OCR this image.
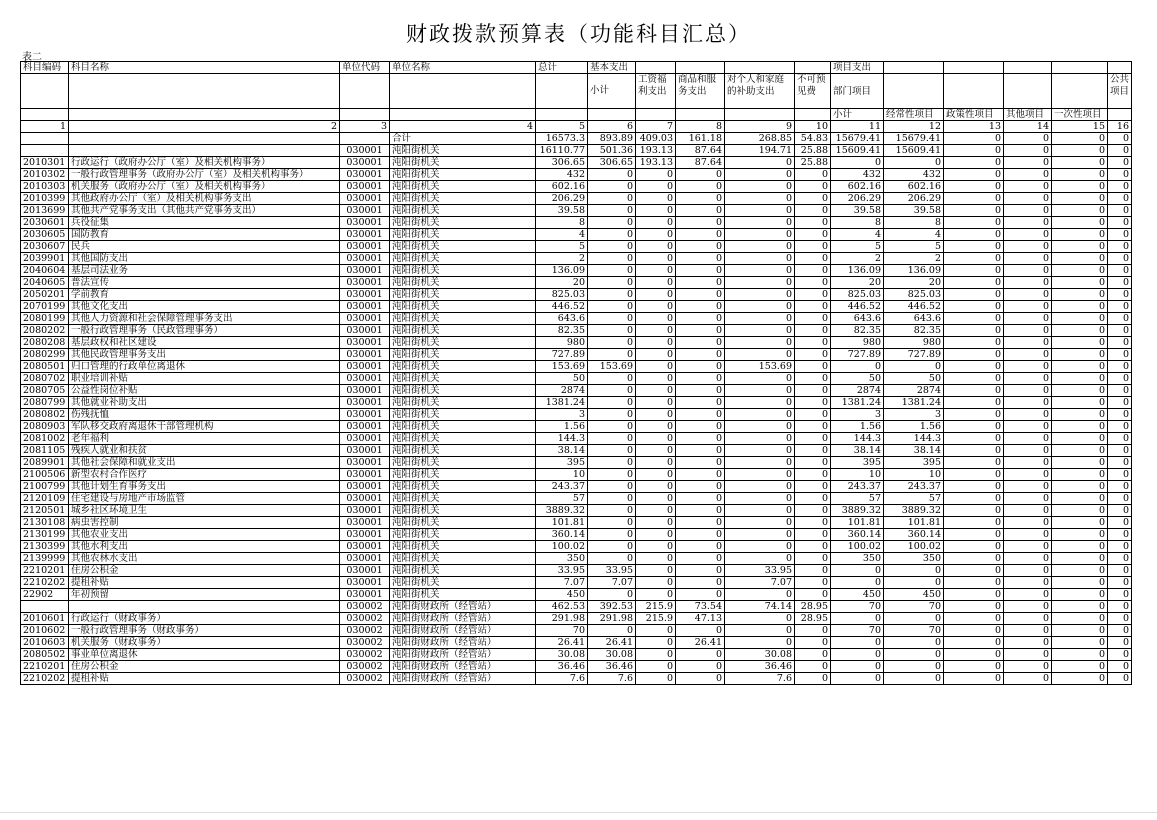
财政拨款预算表（功能科目汇总）
表二
科目编码	科目名称	单位代码	单位名称	总计	基本支出					项目支出					
					小计	工资福利支出	商品和服务支出	对个人和家庭的补助支出	不可预见费	部门项目					公共项目
										小计	经常性项目	政策性项目	其他项目	一次性项目	
1	2	3	4	5	6	7	8	9	10	11	12	13	14	15	16
			合计	16573.3	893.89	409.03	161.18	268.85	54.83	15679.41	15679.41	0	0	0	0
		030001	沌阳街机关	16110.77	501.36	193.13	87.64	194.71	25.88	15609.41	15609.41	0	0	0	0
2010301	行政运行（政府办公厅（室）及相关机构事务）	030001	沌阳街机关	306.65	306.65	193.13	87.64	0	25.88	0	0	0	0	0	0
2010302	一般行政管理事务（政府办公厅（室）及相关机构事务）	030001	沌阳街机关	432	0	0	0	0	0	432	432	0	0	0	0
2010303	机关服务（政府办公厅（室）及相关机构事务）	030001	沌阳街机关	602.16	0	0	0	0	0	602.16	602.16	0	0	0	0
2010399	其他政府办公厅（室）及相关机构事务支出	030001	沌阳街机关	206.29	0	0	0	0	0	206.29	206.29	0	0	0	0
2013699	其他共产党事务支出（其他共产党事务支出）	030001	沌阳街机关	39.58	0	0	0	0	0	39.58	39.58	0	0	0	0
2030601	兵役征集	030001	沌阳街机关	8	0	0	0	0	0	8	8	0	0	0	0
2030605	国防教育	030001	沌阳街机关	4	0	0	0	0	0	4	4	0	0	0	0
2030607	民兵	030001	沌阳街机关	5	0	0	0	0	0	5	5	0	0	0	0
2039901	其他国防支出	030001	沌阳街机关	2	0	0	0	0	0	2	2	0	0	0	0
2040604	基层司法业务	030001	沌阳街机关	136.09	0	0	0	0	0	136.09	136.09	0	0	0	0
2040605	普法宣传	030001	沌阳街机关	20	0	0	0	0	0	20	20	0	0	0	0
2050201	学前教育	030001	沌阳街机关	825.03	0	0	0	0	0	825.03	825.03	0	0	0	0
2070199	其他文化支出	030001	沌阳街机关	446.52	0	0	0	0	0	446.52	446.52	0	0	0	0
2080199	其他人力资源和社会保障管理事务支出	030001	沌阳街机关	643.6	0	0	0	0	0	643.6	643.6	0	0	0	0
2080202	一般行政管理事务（民政管理事务）	030001	沌阳街机关	82.35	0	0	0	0	0	82.35	82.35	0	0	0	0
2080208	基层政权和社区建设	030001	沌阳街机关	980	0	0	0	0	0	980	980	0	0	0	0
2080299	其他民政管理事务支出	030001	沌阳街机关	727.89	0	0	0	0	0	727.89	727.89	0	0	0	0
2080501	归口管理的行政单位离退休	030001	沌阳街机关	153.69	153.69	0	0	153.69	0	0	0	0	0	0	0
2080702	职业培训补贴	030001	沌阳街机关	50	0	0	0	0	0	50	50	0	0	0	0
2080705	公益性岗位补贴	030001	沌阳街机关	2874	0	0	0	0	0	2874	2874	0	0	0	0
2080799	其他就业补助支出	030001	沌阳街机关	1381.24	0	0	0	0	0	1381.24	1381.24	0	0	0	0
2080802	伤残抚恤	030001	沌阳街机关	3	0	0	0	0	0	3	3	0	0	0	0
2080903	军队移交政府离退休干部管理机构	030001	沌阳街机关	1.56	0	0	0	0	0	1.56	1.56	0	0	0	0
2081002	老年福利	030001	沌阳街机关	144.3	0	0	0	0	0	144.3	144.3	0	0	0	0
2081105	残疾人就业和扶贫	030001	沌阳街机关	38.14	0	0	0	0	0	38.14	38.14	0	0	0	0
2089901	其他社会保障和就业支出	030001	沌阳街机关	395	0	0	0	0	0	395	395	0	0	0	0
2100506	新型农村合作医疗	030001	沌阳街机关	10	0	0	0	0	0	10	10	0	0	0	0
2100799	其他计划生育事务支出	030001	沌阳街机关	243.37	0	0	0	0	0	243.37	243.37	0	0	0	0
2120109	住宅建设与房地产市场监管	030001	沌阳街机关	57	0	0	0	0	0	57	57	0	0	0	0
2120501	城乡社区环境卫生	030001	沌阳街机关	3889.32	0	0	0	0	0	3889.32	3889.32	0	0	0	0
2130108	病虫害控制	030001	沌阳街机关	101.81	0	0	0	0	0	101.81	101.81	0	0	0	0
2130199	其他农业支出	030001	沌阳街机关	360.14	0	0	0	0	0	360.14	360.14	0	0	0	0
2130399	其他水利支出	030001	沌阳街机关	100.02	0	0	0	0	0	100.02	100.02	0	0	0	0
2139999	其他农林水支出	030001	沌阳街机关	350	0	0	0	0	0	350	350	0	0	0	0
2210201	住房公积金	030001	沌阳街机关	33.95	33.95	0	0	33.95	0	0	0	0	0	0	0
2210202	提租补贴	030001	沌阳街机关	7.07	7.07	0	0	7.07	0	0	0	0	0	0	0
22902	年初预留	030001	沌阳街机关	450	0	0	0	0	0	450	450	0	0	0	0
		030002	沌阳街财政所（经管站）	462.53	392.53	215.9	73.54	74.14	28.95	70	70	0	0	0	0
2010601	行政运行（财政事务）	030002	沌阳街财政所（经管站）	291.98	291.98	215.9	47.13	0	28.95	0	0	0	0	0	0
2010602	一般行政管理事务（财政事务）	030002	沌阳街财政所（经管站）	70	0	0	0	0	0	70	70	0	0	0	0
2010603	机关服务（财政事务）	030002	沌阳街财政所（经管站）	26.41	26.41	0	26.41	0	0	0	0	0	0	0	0
2080502	事业单位离退休	030002	沌阳街财政所（经管站）	30.08	30.08	0	0	30.08	0	0	0	0	0	0	0
2210201	住房公积金	030002	沌阳街财政所（经管站）	36.46	36.46	0	0	36.46	0	0	0	0	0	0	0
2210202	提租补贴	030002	沌阳街财政所（经管站）	7.6	7.6	0	0	7.6	0	0	0	0	0	0	0
